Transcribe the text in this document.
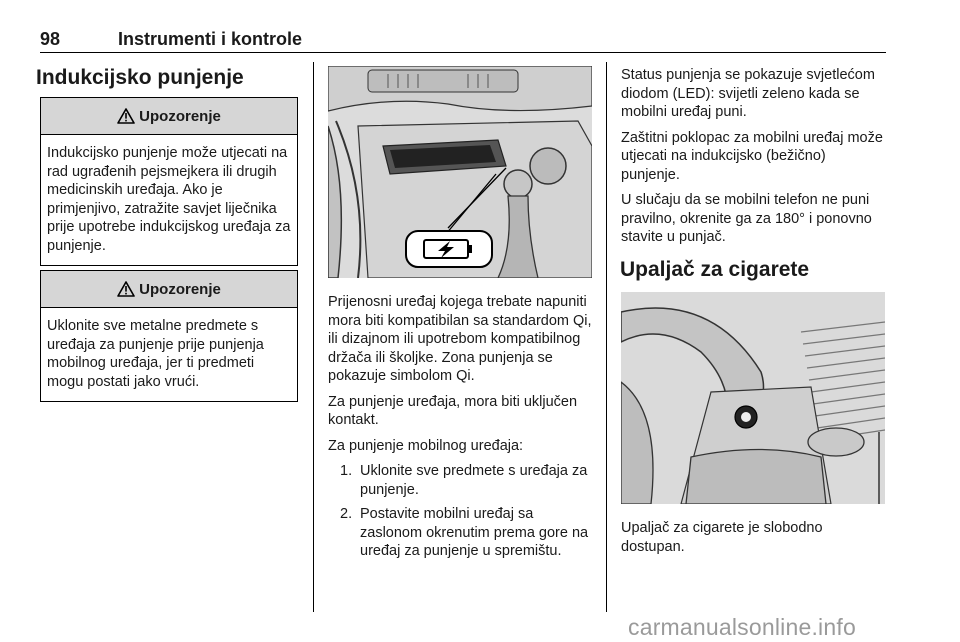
98	Instrumenti i kontrole
Indukcijsko punjenje
Upozorenje
Indukcijsko punjenje može utjecati na rad ugrađenih pejsmejkera ili drugih medicinskih uređaja. Ako je primjenjivo, zatražite savjet liječnika prije upotrebe indukcijskog uređaja za punjenje.
Upozorenje
Uklonite sve metalne predmete s uređaja za punjenje prije punjenja mobilnog uređaja, jer ti predmeti mogu postati jako vrući.

Prijenosni uređaj kojega trebate napuniti mora biti kompatibilan sa standardom Qi, ili dizajnom ili upotrebom kompatibilnog držača ili školjke. Zona punjenja se pokazuje simbolom Qi.

Za punjenje uređaja, mora biti uključen kontakt.

Za punjenje mobilnog uređaja:

1. Uklonite sve predmete s uređaja za punjenje.
2. Postavite mobilni uređaj sa zaslonom okrenutim prema gore na uređaj za punjenje u spremištu.

Status punjenja se pokazuje svjetlećom diodom (LED): svijetli zeleno kada se mobilni uređaj puni.

Zaštitni poklopac za mobilni uređaj može utjecati na indukcijsko (bežično) punjenje.

U slučaju da se mobilni telefon ne puni pravilno, okrenite ga za 180° i ponovno stavite u punjač.

Upaljač za cigarete

Upaljač za cigarete je slobodno dostupan.

carmanualsonline.info
